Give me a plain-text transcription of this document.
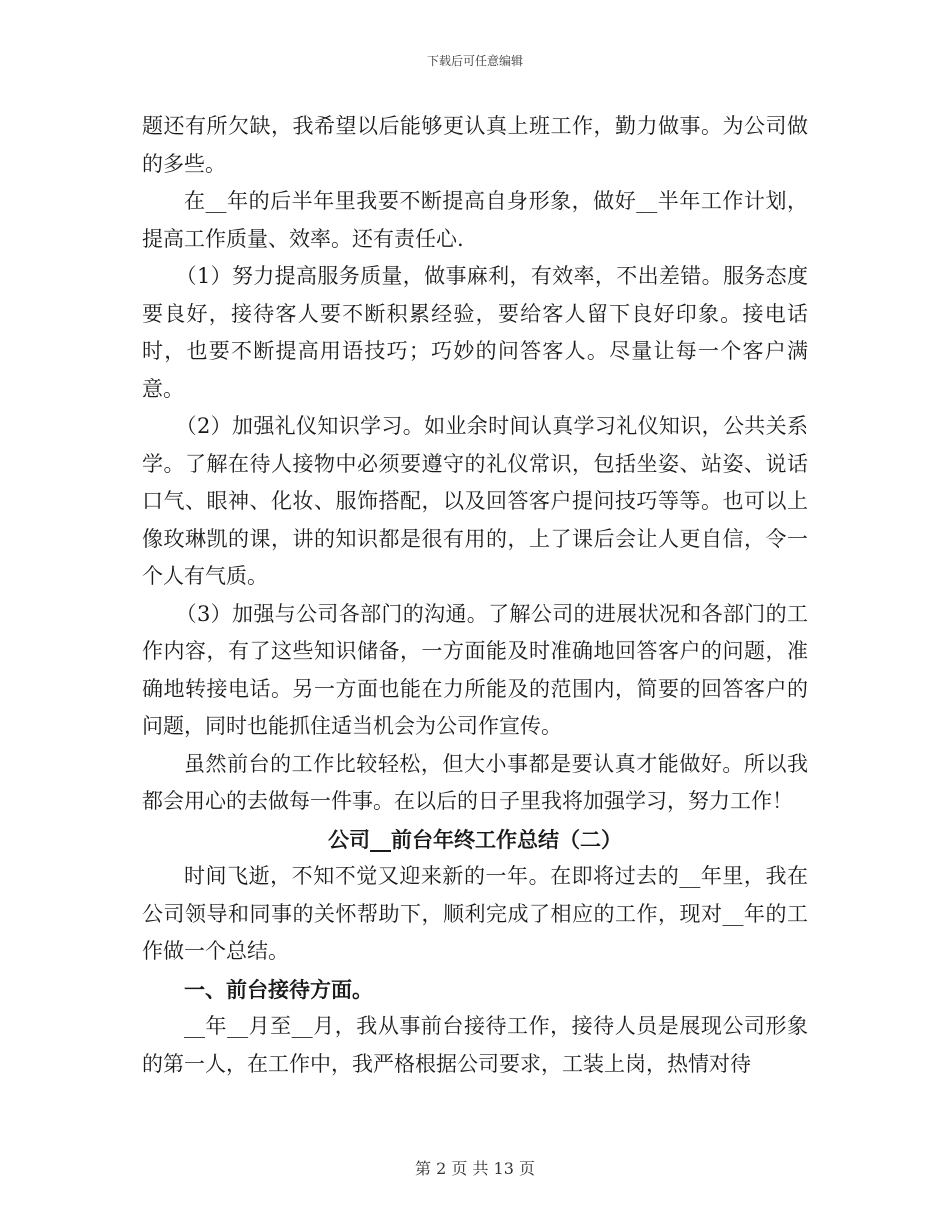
下载后可任意编辑

题还有所欠缺，我希望以后能够更认真上班工作，勤力做事。为公司做的多些。

在__年的后半年里我要不断提高自身形象，做好__半年工作计划，提高工作质量、效率。还有责任心.

（1）努力提高服务质量，做事麻利，有效率，不出差错。服务态度要良好，接待客人要不断积累经验，要给客人留下良好印象。接电话时，也要不断提高用语技巧；巧妙的问答客人。尽量让每一个客户满意。

（2）加强礼仪知识学习。如业余时间认真学习礼仪知识，公共关系学。了解在待人接物中必须要遵守的礼仪常识，包括坐姿、站姿、说话口气、眼神、化妆、服饰搭配，以及回答客户提问技巧等等。也可以上像玫琳凯的课，讲的知识都是很有用的，上了课后会让人更自信，令一个人有气质。

（3）加强与公司各部门的沟通。了解公司的进展状况和各部门的工作内容，有了这些知识储备，一方面能及时准确地回答客户的问题，准确地转接电话。另一方面也能在力所能及的范围内，简要的回答客户的问题，同时也能抓住适当机会为公司作宣传。

虽然前台的工作比较轻松，但大小事都是要认真才能做好。所以我都会用心的去做每一件事。在以后的日子里我将加强学习，努力工作！

公司__前台年终工作总结（二）

时间飞逝，不知不觉又迎来新的一年。在即将过去的__年里，我在公司领导和同事的关怀帮助下，顺利完成了相应的工作，现对__年的工作做一个总结。

一、前台接待方面。

__年__月至__月，我从事前台接待工作，接待人员是展现公司形象的第一人，在工作中，我严格根据公司要求，工装上岗，热情对待

第 2 页 共 13 页
